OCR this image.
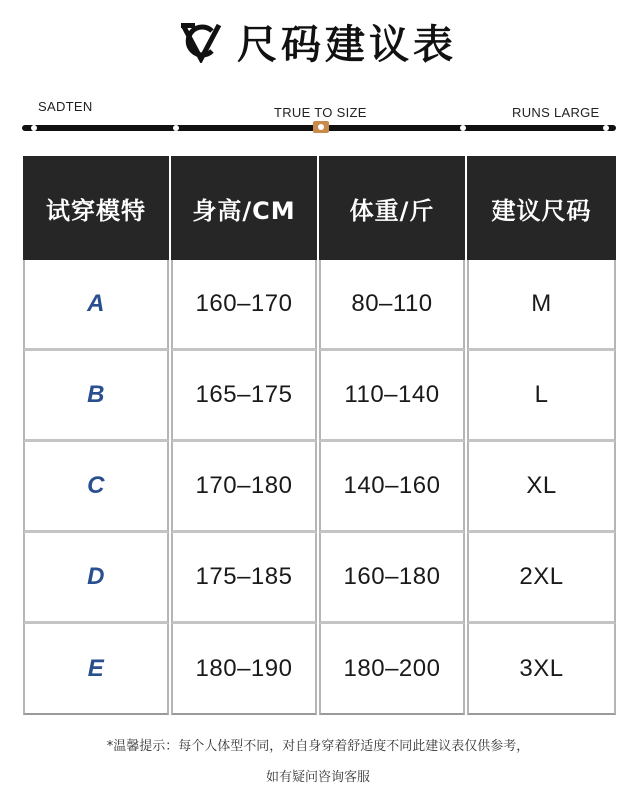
尺码建议表
SADTEN	TRUE TO SIZE	RUNS LARGE
试穿模特	身高/CM	体重/斤	建议尺码
A	160–170	80–110	M
B	165–175	110–140	L
C	170–180	140–160	XL
D	175–185	160–180	2XL
E	180–190	180–200	3XL
*温馨提示：每个人体型不同，对自身穿着舒适度不同此建议表仅供参考，
如有疑问咨询客服
